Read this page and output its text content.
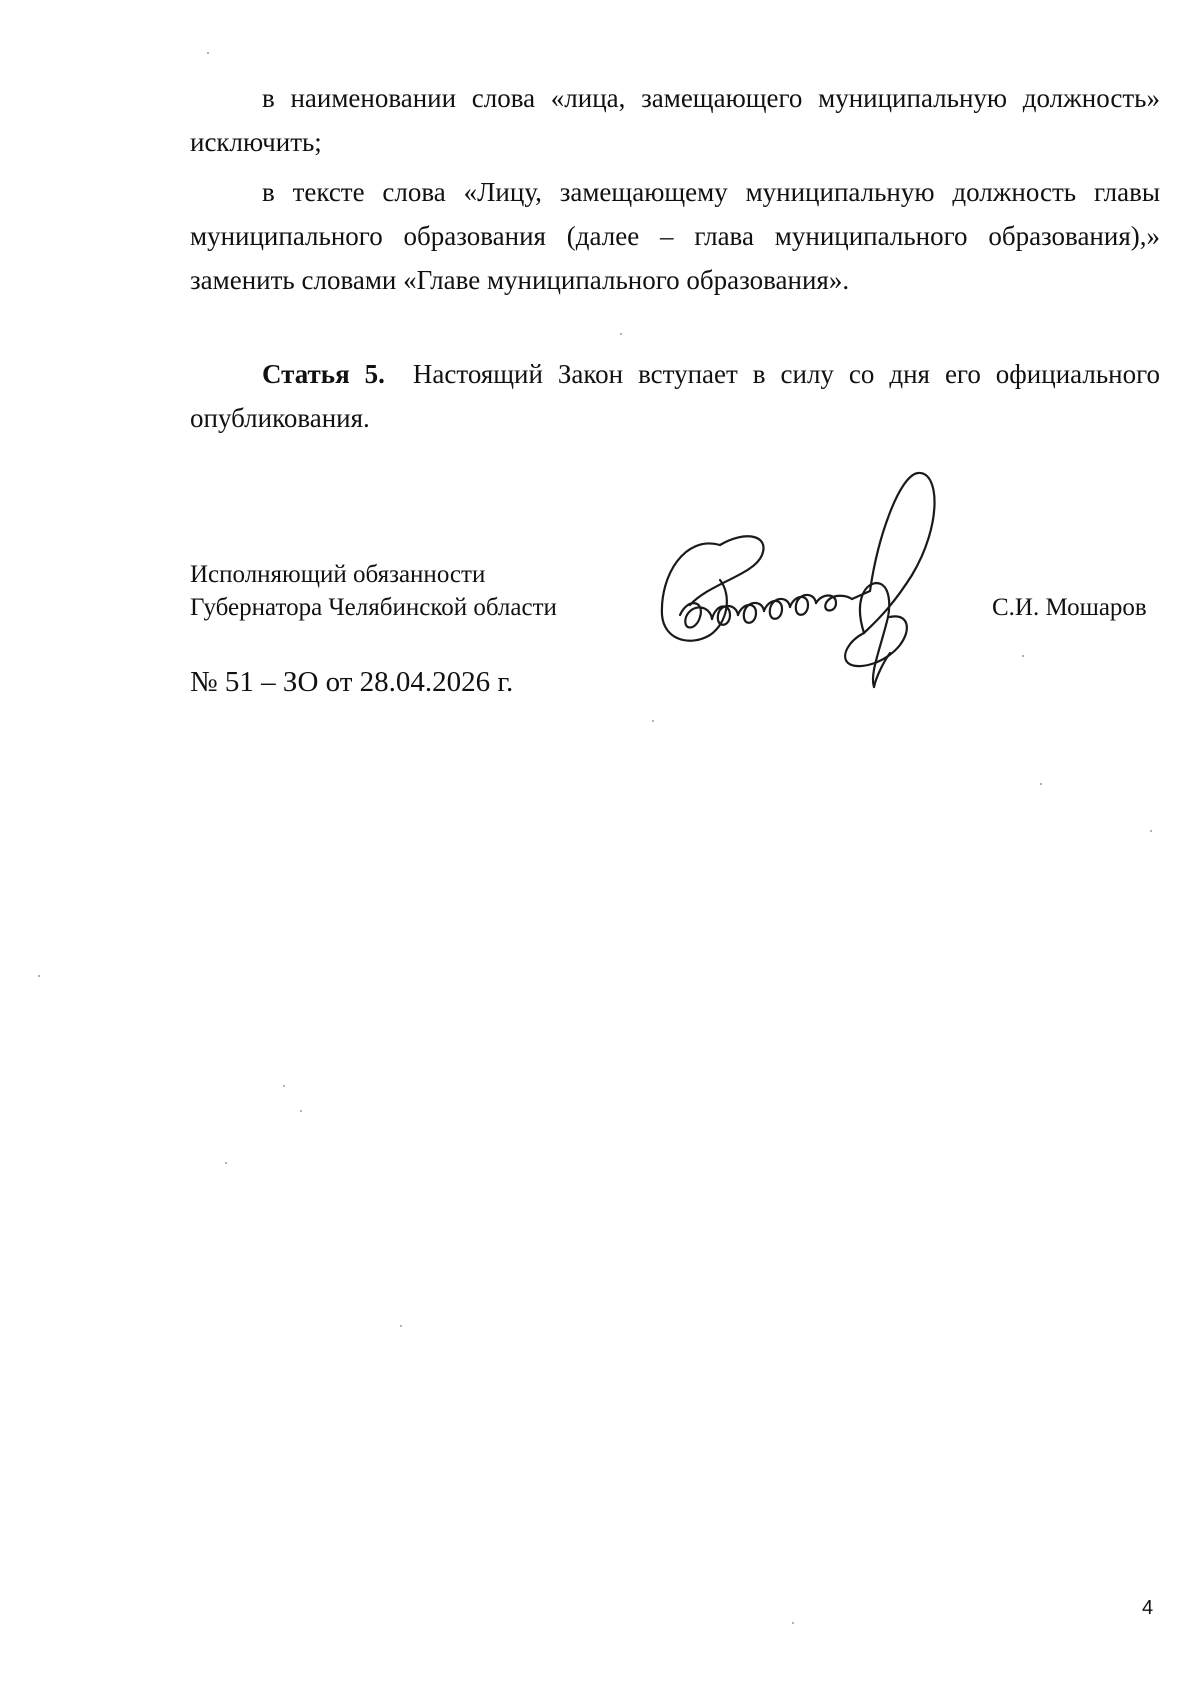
в наименовании слова «лица, замещающего муниципальную должность» исключить;

в тексте слова «Лицу, замещающему муниципальную должность главы муниципального образования (далее – глава муниципального образования),» заменить словами «Главе муниципального образования».

Статья 5. Настоящий Закон вступает в силу со дня его официального опубликования.

Исполняющий обязанности
Губернатора Челябинской области	С.И. Мошаров
№ 51 – ЗО от 28.04.2026 г.
4
